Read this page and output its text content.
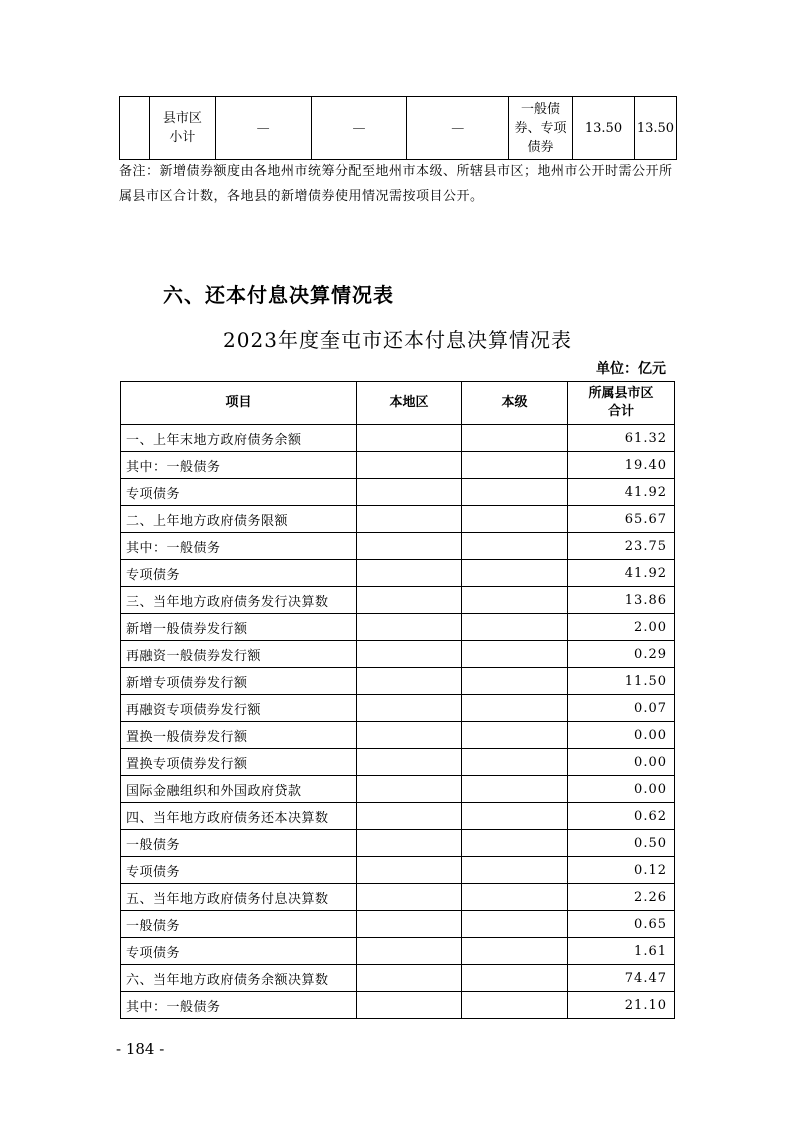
	县市区
小计	—	—	—	一般债
券、专项
债券	13.50	13.50
备注：新增债券额度由各地州市统筹分配至地州市本级、所辖县市区；地州市公开时需公开所属县市区合计数，各地县的新增债券使用情况需按项目公开。
六、还本付息决算情况表
2023年度奎屯市还本付息决算情况表
单位：亿元
项目	本地区	本级	所属县市区
合计
一、上年末地方政府债务余额			61.32
其中：一般债务			19.40
专项债务			41.92
二、上年地方政府债务限额			65.67
其中：一般债务			23.75
专项债务			41.92
三、当年地方政府债务发行决算数			13.86
新增一般债券发行额			2.00
再融资一般债券发行额			0.29
新增专项债券发行额			11.50
再融资专项债券发行额			0.07
置换一般债券发行额			0.00
置换专项债券发行额			0.00
国际金融组织和外国政府贷款			0.00
四、当年地方政府债务还本决算数			0.62
一般债务			0.50
专项债务			0.12
五、当年地方政府债务付息决算数			2.26
一般债务			0.65
专项债务			1.61
六、当年地方政府债务余额决算数			74.47
其中：一般债务			21.10
- 184 -
